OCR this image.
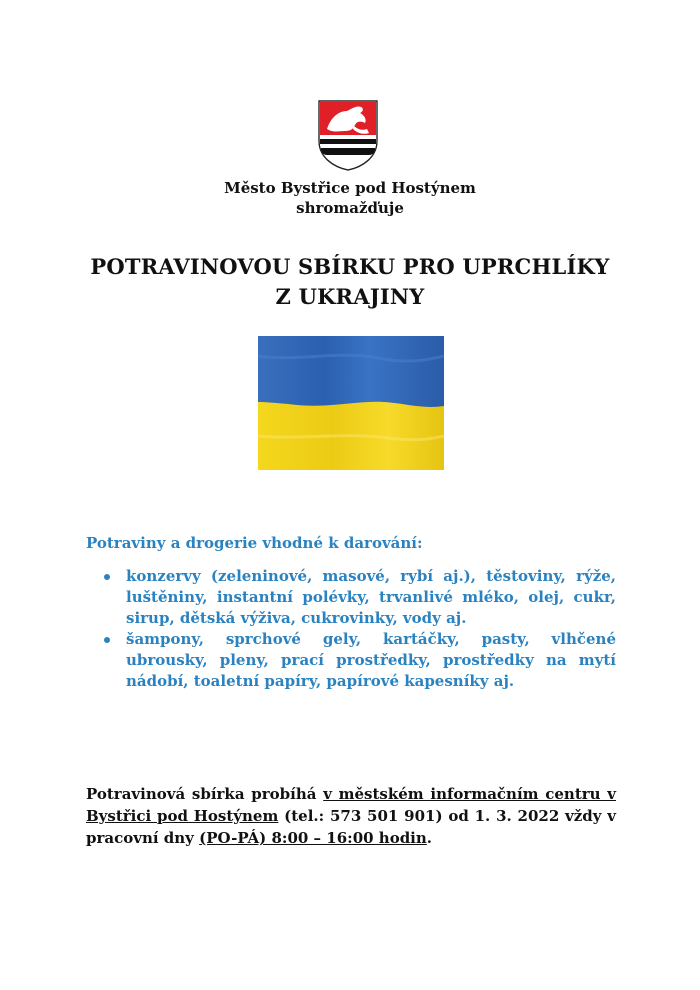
Město Bystřice pod Hostýnem
shromažďuje
POTRAVINOVOU SBÍRKU PRO UPRCHLÍKY
Z UKRAJINY
Potraviny a drogerie vhodné k darování:
konzervy (zeleninové, masové, rybí aj.), těstoviny, rýže, luštěniny, instantní polévky, trvanlivé mléko, olej, cukr, sirup, dětská výživa, cukrovinky, vody aj.
šampony, sprchové gely, kartáčky, pasty, vlhčené ubrousky, pleny, prací prostředky, prostředky na mytí nádobí, toaletní papíry, papírové kapesníky aj.
Potravinová sbírka probíhá v městském informačním centru v Bystřici pod Hostýnem (tel.: 573 501 901) od 1. 3. 2022 vždy v pracovní dny (PO-PÁ) 8:00 – 16:00 hodin.
